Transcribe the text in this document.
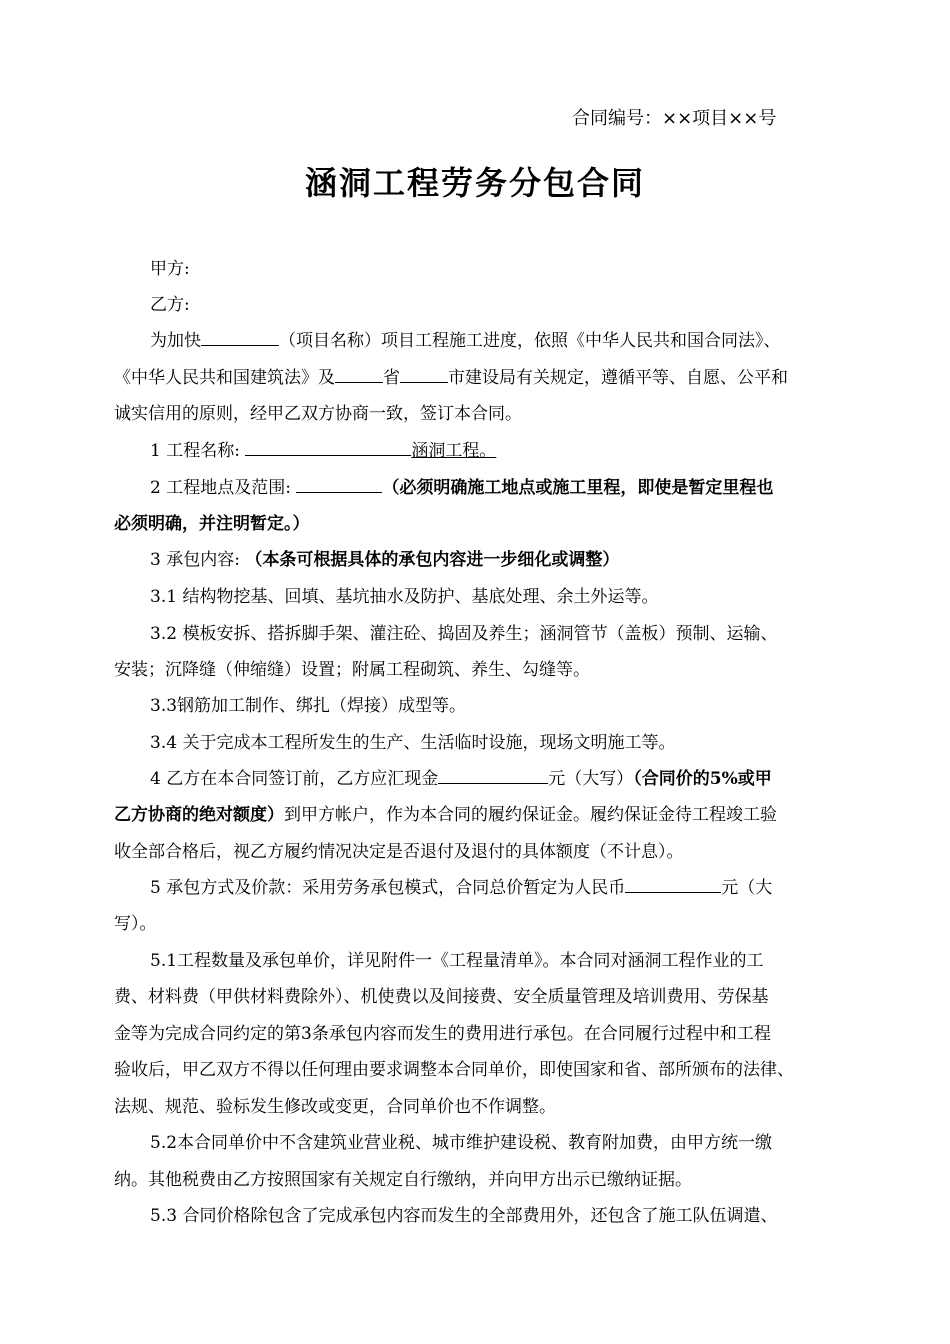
合同编号：××项目××号
涵洞工程劳务分包合同
甲方:
乙方:
为加快	（项目名称）项目工程施工进度，依照《中华人民共和国合同法》、
《中华人民共和国建筑法》及	省	市建设局有关规定，遵循平等、自愿、公平和
诚实信用的原则，经甲乙双方协商一致，签订本合同。
1 工程名称:	涵洞工程。
2 工程地点及范围:	（必须明确施工地点或施工里程，即使是暂定里程也
必须明确，并注明暂定。）
3 承包内容: （本条可根据具体的承包内容进一步细化或调整）
3.1 结构物挖基、回填、基坑抽水及防护、基底处理、余土外运等。
3.2 模板安拆、搭拆脚手架、灌注砼、捣固及养生；涵洞管节（盖板）预制、运输、
安装；沉降缝（伸缩缝）设置；附属工程砌筑、养生、勾缝等。
3.3钢筋加工制作、绑扎（焊接）成型等。
3.4 关于完成本工程所发生的生产、生活临时设施，现场文明施工等。
4 乙方在本合同签订前，乙方应汇现金	元（大写）（合同价的5%或甲
乙方协商的绝对额度）到甲方帐户，作为本合同的履约保证金。履约保证金待工程竣工验
收全部合格后，视乙方履约情况决定是否退付及退付的具体额度（不计息）。
5 承包方式及价款：采用劳务承包模式，合同总价暂定为人民币	元（大
写）。
5.1工程数量及承包单价，详见附件一《工程量清单》。本合同对涵洞工程作业的工
费、材料费（甲供材料费除外）、机使费以及间接费、安全质量管理及培训费用、劳保基
金等为完成合同约定的第3条承包内容而发生的费用进行承包。在合同履行过程中和工程
验收后，甲乙双方不得以任何理由要求调整本合同单价，即使国家和省、部所颁布的法律、
法规、规范、验标发生修改或变更，合同单价也不作调整。
5.2本合同单价中不含建筑业营业税、城市维护建设税、教育附加费，由甲方统一缴
纳。其他税费由乙方按照国家有关规定自行缴纳，并向甲方出示已缴纳证据。
5.3 合同价格除包含了完成承包内容而发生的全部费用外，还包含了施工队伍调遣、
